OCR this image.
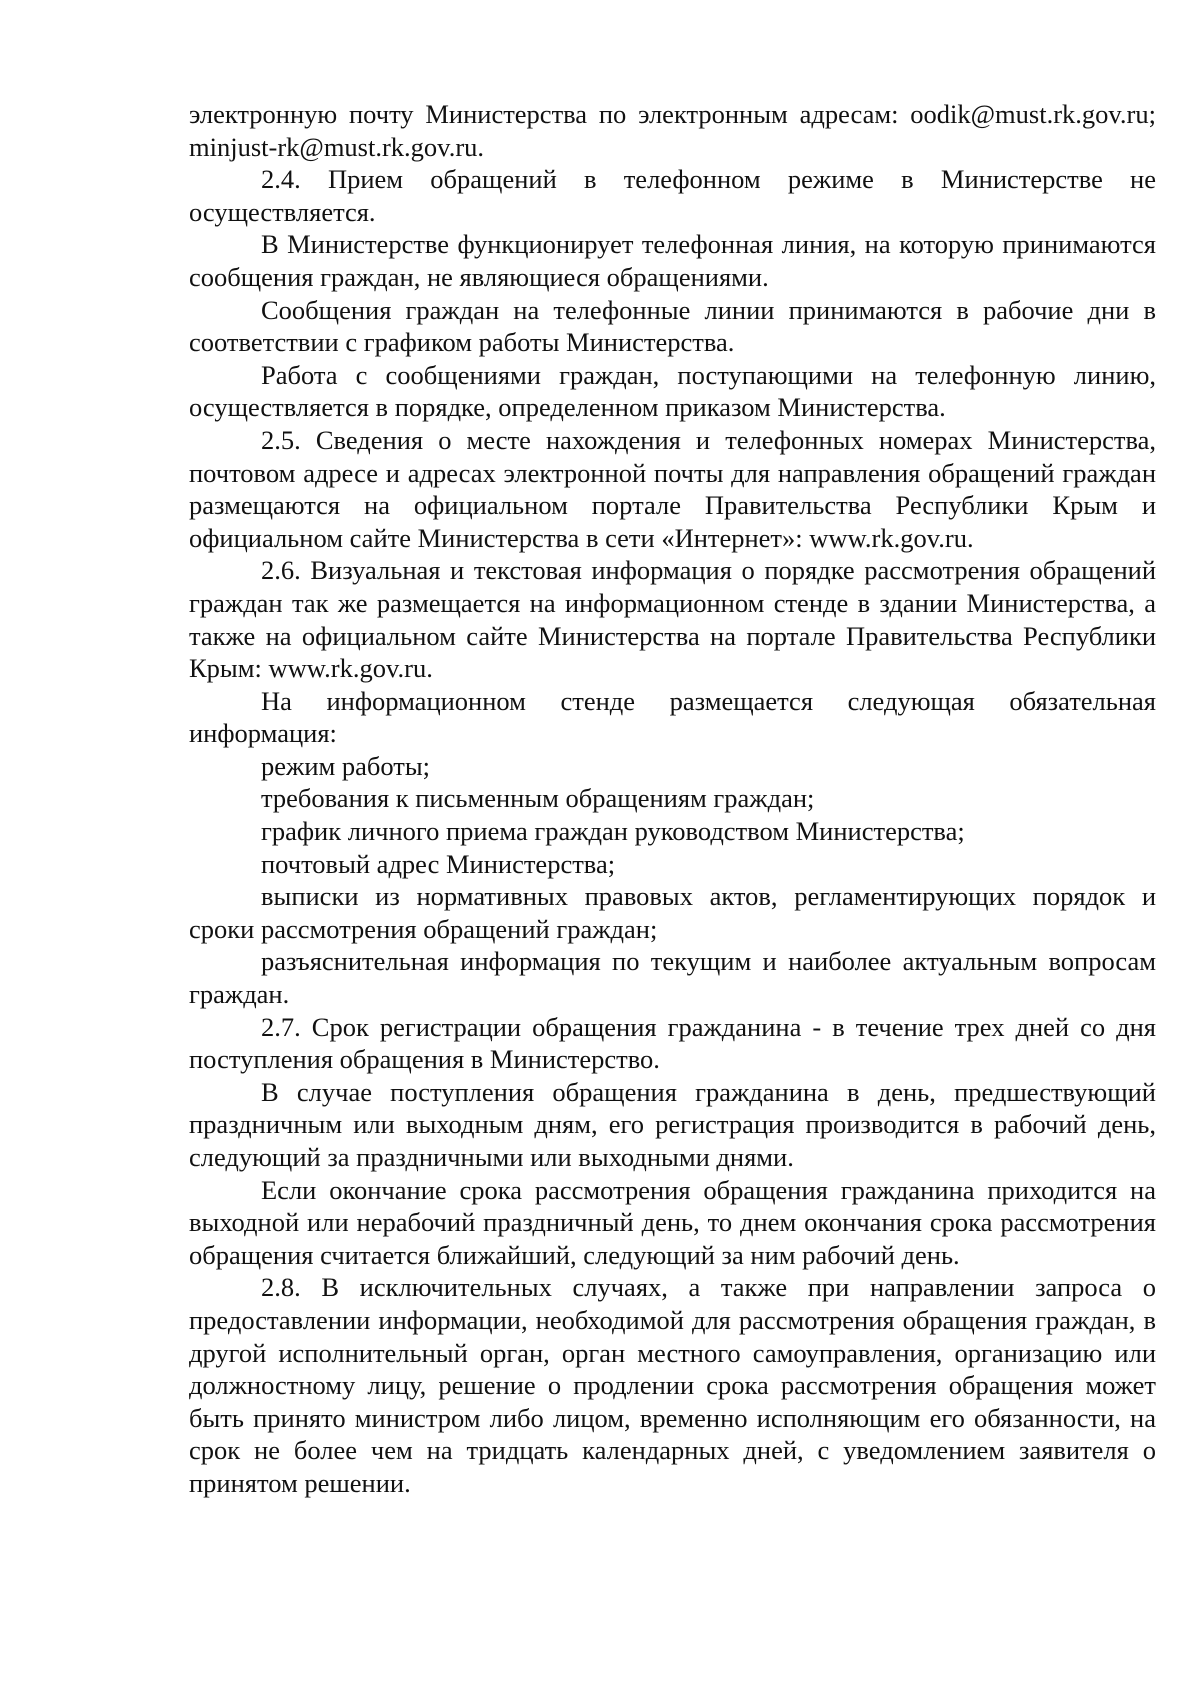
электронную почту Министерства по электронным адресам: oodik@must.rk.gov.ru; minjust-rk@must.rk.gov.ru.

2.4. Прием обращений в телефонном режиме в Министерстве не осуществляется.

В Министерстве функционирует телефонная линия, на которую принимаются сообщения граждан, не являющиеся обращениями.

Сообщения граждан на телефонные линии принимаются в рабочие дни в соответствии с графиком работы Министерства.

Работа с сообщениями граждан, поступающими на телефонную линию, осуществляется в порядке, определенном приказом Министерства.

2.5. Сведения о месте нахождения и телефонных номерах Министерства, почтовом адресе и адресах электронной почты для направления обращений граждан размещаются на официальном портале Правительства Республики Крым и официальном сайте Министерства в сети «Интернет»: www.rk.gov.ru.

2.6. Визуальная и текстовая информация о порядке рассмотрения обращений граждан так же размещается на информационном стенде в здании Министерства, а также на официальном сайте Министерства на портале Правительства Республики Крым: www.rk.gov.ru.

На информационном стенде размещается следующая обязательная информация:

режим работы;

требования к письменным обращениям граждан;

график личного приема граждан руководством Министерства;

почтовый адрес Министерства;

выписки из нормативных правовых актов, регламентирующих порядок и сроки рассмотрения обращений граждан;

разъяснительная информация по текущим и наиболее актуальным вопросам граждан.

2.7. Срок регистрации обращения гражданина - в течение трех дней со дня поступления обращения в Министерство.

В случае поступления обращения гражданина в день, предшествующий праздничным или выходным дням, его регистрация производится в рабочий день, следующий за праздничными или выходными днями.

Если окончание срока рассмотрения обращения гражданина приходится на выходной или нерабочий праздничный день, то днем окончания срока рассмотрения обращения считается ближайший, следующий за ним рабочий день.

2.8. В исключительных случаях, а также при направлении запроса о предоставлении информации, необходимой для рассмотрения обращения граждан, в другой исполнительный орган, орган местного самоуправления, организацию или должностному лицу, решение о продлении срока рассмотрения обращения может быть принято министром либо лицом, временно исполняющим его обязанности, на срок не более чем на тридцать календарных дней, с уведомлением заявителя о принятом решении.
